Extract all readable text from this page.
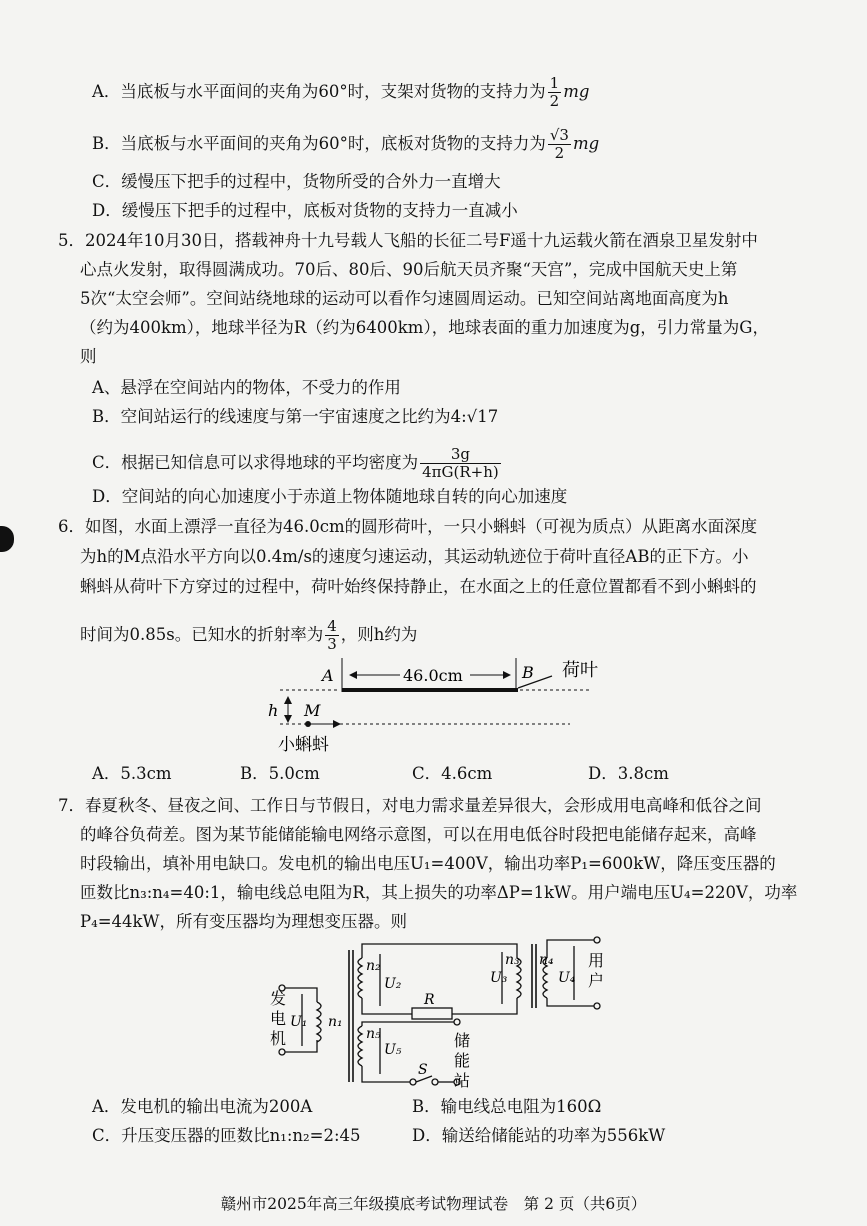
A．当底板与水平面间的夹角为60°时，支架对货物的支持力为 $\frac{1}{2}$ mg
B．当底板与水平面间的夹角为60°时，底板对货物的支持力为 $\frac{√3}{2}$ mg
C．缓慢压下把手的过程中，货物所受的合外力一直增大
D．缓慢压下把手的过程中，底板对货物的支持力一直减小
5．2024年10月30日，搭载神舟十九号载人飞船的长征二号F遥十九运载火箭在酒泉卫星发射中
心点火发射，取得圆满成功。70后、80后、90后航天员齐聚“天宫”，完成中国航天史上第
5次“太空会师”。空间站绕地球的运动可以看作匀速圆周运动。已知空间站离地面高度为h
（约为400km），地球半径为R（约为6400km），地球表面的重力加速度为g，引力常量为G，
则
A、悬浮在空间站内的物体，不受力的作用
B．空间站运行的线速度与第一宇宙速度之比约为4:√17
C．根据已知信息可以求得地球的平均密度为 $\frac{3g}{4\pi G(R+h)}$
D．空间站的向心加速度小于赤道上物体随地球自转的向心加速度
6．如图，水面上漂浮一直径为46.0cm的圆形荷叶，一只小蝌蚪（可视为质点）从距离水面深度
为h的M点沿水平方向以0.4m/s的速度匀速运动，其运动轨迹位于荷叶直径AB的正下方。小
蝌蚪从荷叶下方穿过的过程中，荷叶始终保持静止，在水面之上的任意位置都看不到小蝌蚪的
时间为0.85s。已知水的折射率为 $\frac{4}{3}$ ，则h约为
A	46.0cm	B 荷叶
h M
小蝌蚪
A．5.3cm	B．5.0cm	C．4.6cm	D．3.8cm
7．春夏秋冬、昼夜之间、工作日与节假日，对电力需求量差异很大，会形成用电高峰和低谷之间
的峰谷负荷差。图为某节能储能输电网络示意图，可以在用电低谷时段把电能储存起来，高峰
时段输出，填补用电缺口。发电机的输出电压U₁=400V，输出功率P₁=600kW，降压变压器的
匝数比n₃:n₄=40:1，输电线总电阻为R，其上损失的功率ΔP=1kW。用户端电压U₄=220V，功率
P₄=44kW，所有变压器均为理想变压器。则
发
电
机
U₁ n₁
n₂
U₂
R
n₅
U₅
S
储
能
站
U₃
n₃ n₄
U₄
用
户
A．发电机的输出电流为200A	B．输电线总电阻为160Ω
C．升压变压器的匝数比n₁:n₂=2:45	D．输送给储能站的功率为556kW
赣州市2025年高三年级摸底考试物理试卷　第 2 页（共6页）
